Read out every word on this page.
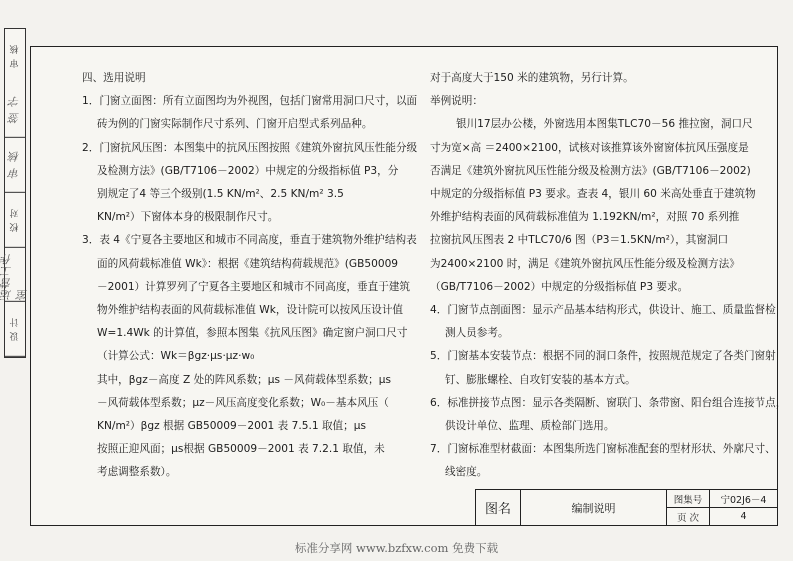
设 计
运营工作室
校 对
审 核
签 字
审 核
四、选用说明
1．门窗立面图：所有立面图均为外视图，包括门窗常用洞口尺寸，以面
砖为例的门窗实际制作尺寸系列、门窗开启型式系列品种。
2．门窗抗风压图：本图集中的抗风压图按照《建筑外窗抗风压性能分级
及检测方法》(GB/T7106－2002）中规定的分级指标值 P3，分
别规定了4 等三个级别(1.5 KN/m²、2.5 KN/m² 3.5
KN/m²）下窗体本身的极限制作尺寸。
3．表 4《宁夏各主要地区和城市不同高度，垂直于建筑物外维护结构表
面的风荷载标准值 Wk》：根据《建筑结构荷载规范》(GB50009
－2001）计算罗列了宁夏各主要地区和城市不同高度，垂直于建筑
物外维护结构表面的风荷载标准值 Wk，设计院可以按风压设计值
W=1.4Wk 的计算值，参照本图集《抗风压图》确定窗户洞口尺寸
（计算公式：Wk＝βgz·μs·μz·w₀
其中，βgz－高度 Z 处的阵风系数；μs －风荷载体型系数；μs
－风荷载体型系数；μz－风压高度变化系数；W₀－基本风压（
KN/m²）βgz 根据 GB50009－2001 表 7.5.1 取值；μs
按照正迎风面；μs根据 GB50009－2001 表 7.2.1 取值，未
考虑调整系数）。
对于高度大于150 米的建筑物，另行计算。
举例说明：
银川17层办公楼，外窗选用本图集TLC70－56 推拉窗，洞口尺
寸为宽×高 ＝2400×2100，试核对该推算该外窗窗体抗风压强度是
否满足《建筑外窗抗风压性能分级及检测方法》(GB/T7106－2002)
中规定的分级指标值 P3 要求。查表 4，银川 60 米高处垂直于建筑物
外维护结构表面的风荷载标准值为 1.192KN/m²，对照 70 系列推
拉窗抗风压图表 2 中TLC70/6 图（P3＝1.5KN/m²），其窗洞口
为2400×2100 时，满足《建筑外窗抗风压性能分级及检测方法》
（GB/T7106－2002）中规定的分级指标值 P3 要求。
4．门窗节点剖面图：显示产品基本结构形式，供设计、施工、质量监督检
测人员参考。
5．门窗基本安装节点：根据不同的洞口条件，按照规范规定了各类门窗射
钉、膨胀螺栓、自攻钉安装的基本方式。
6．标准拼接节点图：显示各类隔断、窗联门、条带窗、阳台组合连接节点，
供设计单位、监理、质检部门选用。
7．门窗标准型材截面：本图集所选门窗标准配套的型材形状、外廓尺寸、
线密度。
图名	编制说明
图集号	宁02J6－4
页 次	4
标准分享网 www.bzfxw.com 免费下载
